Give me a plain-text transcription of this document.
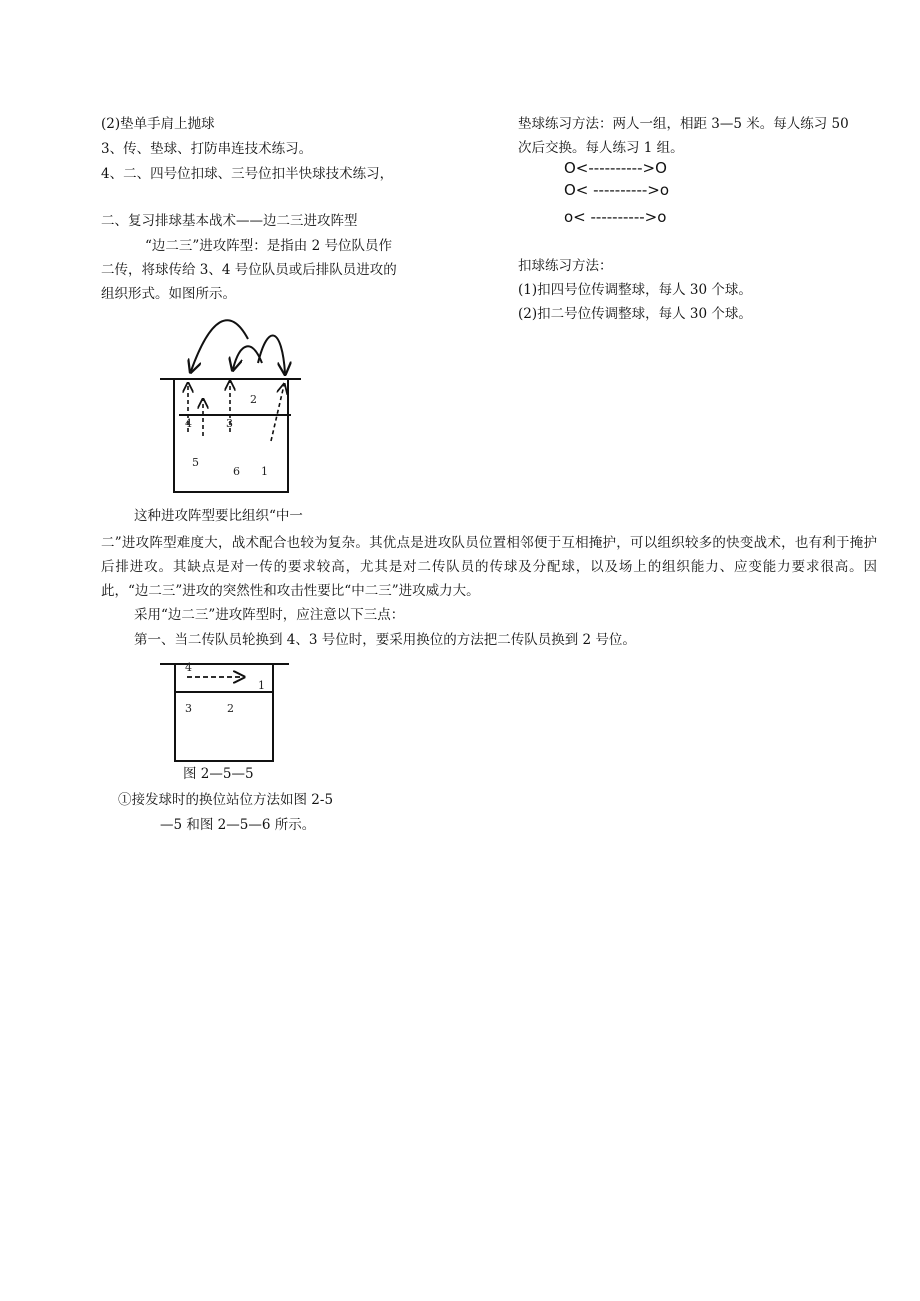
(2)垫单手肩上抛球
3、传、垫球、打防串连技术练习。
4、二、四号位扣球、三号位扣半快球技术练习，
二、复习排球基本战术——边二三进攻阵型
“边二三”进攻阵型：是指由 2 号位队员作
二传，将球传给 3、4 号位队员或后排队员进攻的
组织形式。如图所示。
垫球练习方法：两人一组，相距 3—5 米。每人练习 50
次后交换。每人练习 1 组。
O<---------->O
O< ---------->o
o< ---------->o
扣球练习方法：
(1)扣四号位传调整球，每人 30 个球。
(2)扣二号位传调整球，每人 30 个球。
4	3
2
5
6 1
4
1
3	2
这种进攻阵型要比组织“中一
二”进攻阵型难度大，战术配合也较为复杂。其优点是进攻队员位置相邻便于互相掩护，可以组织较多的快变战术，也有利于掩护后排进攻。其缺点是对一传的要求较高，尤其是对二传队员的传球及分配球，以及场上的组织能力、应变能力要求很高。因此，“边二三”进攻的突然性和攻击性要比“中二三”进攻威力大。
采用“边二三”进攻阵型时，应注意以下三点：
第一、当二传队员轮换到 4、3 号位时，要采用换位的方法把二传队员换到 2 号位。
图 2—5—5
①接发球时的换位站位方法如图 2-5
—5 和图 2—5—6 所示。
